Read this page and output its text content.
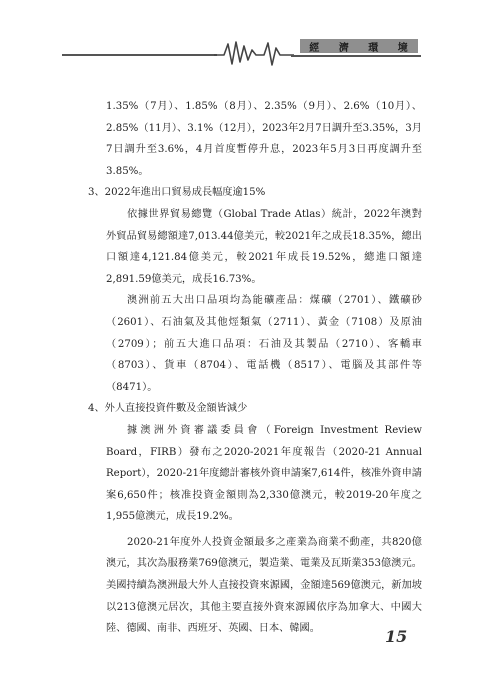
經 濟 環 境

1.35%（7月）、1.85%（8月）、2.35%（9月）、2.6%（10月）、2.85%（11月）、3.1%（12月），2023年2月7日調升至3.35%，3月7日調升至3.6%，4月首度暫停升息，2023年5月3日再度調升至3.85%。

3、2022年進出口貿易成長幅度逾15%

依據世界貿易總覽（Global Trade Atlas）統計，2022年澳對外貿品貿易總額達7,013.44億美元，較2021年之成長18.35%，總出口額達4,121.84億美元，較2021年成長19.52%，總進口額達2,891.59億美元，成長16.73%。

澳洲前五大出口品項均為能礦產品：煤礦（2701）、鐵礦砂（2601）、石油氣及其他烴類氣（2711）、黃金（7108）及原油（2709）；前五大進口品項：石油及其製品（2710）、客轎車（8703）、貨車（8704）、電話機（8517）、電腦及其部件等（8471）。

4、外人直接投資件數及金額皆減少

據澳洲外資審議委員會（Foreign Investment Review Board，FIRB）發布之2020-2021年度報告（2020-21 Annual Report），2020-21年度總計審核外資申請案7,614件，核准外資申請案6,650件；核准投資金額則為2,330億澳元，較2019-20年度之1,955億澳元，成長19.2%。

2020-21年度外人投資金額最多之產業為商業不動產，共820億澳元，其次為服務業769億澳元，製造業、電業及瓦斯業353億澳元。美國持續為澳洲最大外人直接投資來源國，金額達569億澳元，新加坡以213億澳元居次，其他主要直接外資來源國依序為加拿大、中國大陸、德國、南非、西班牙、英國、日本、韓國。	15
